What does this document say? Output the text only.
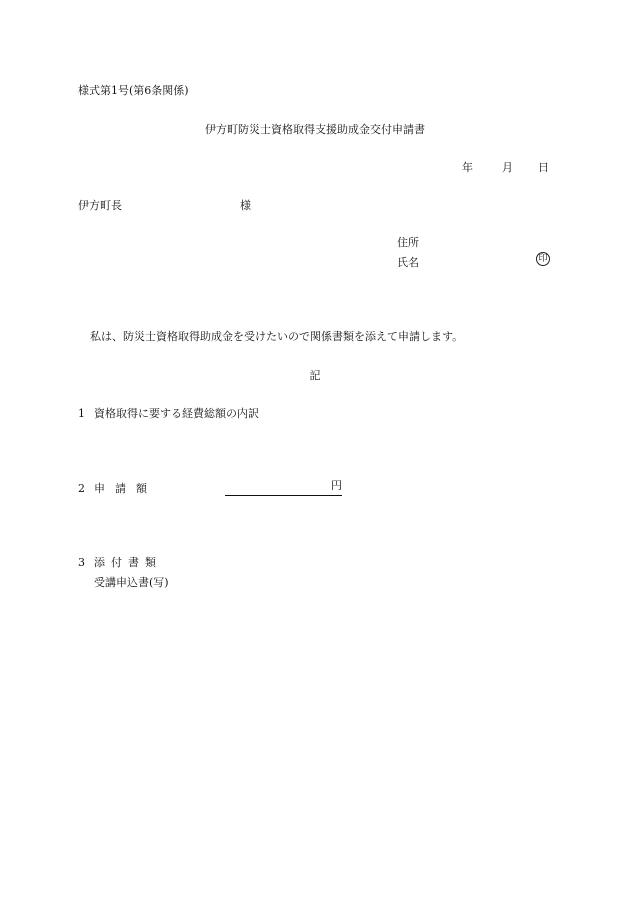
様式第1号(第6条関係)
伊方町防災士資格取得支援助成金交付申請書
年	月 日
伊方町長	様
住所
氏名	印
私は、防災士資格取得助成金を受けたいので関係書類を添えて申請します。
記
1 資格取得に要する経費総額の内訳
2 申請額	円
3 添付書類
受講申込書(写)
